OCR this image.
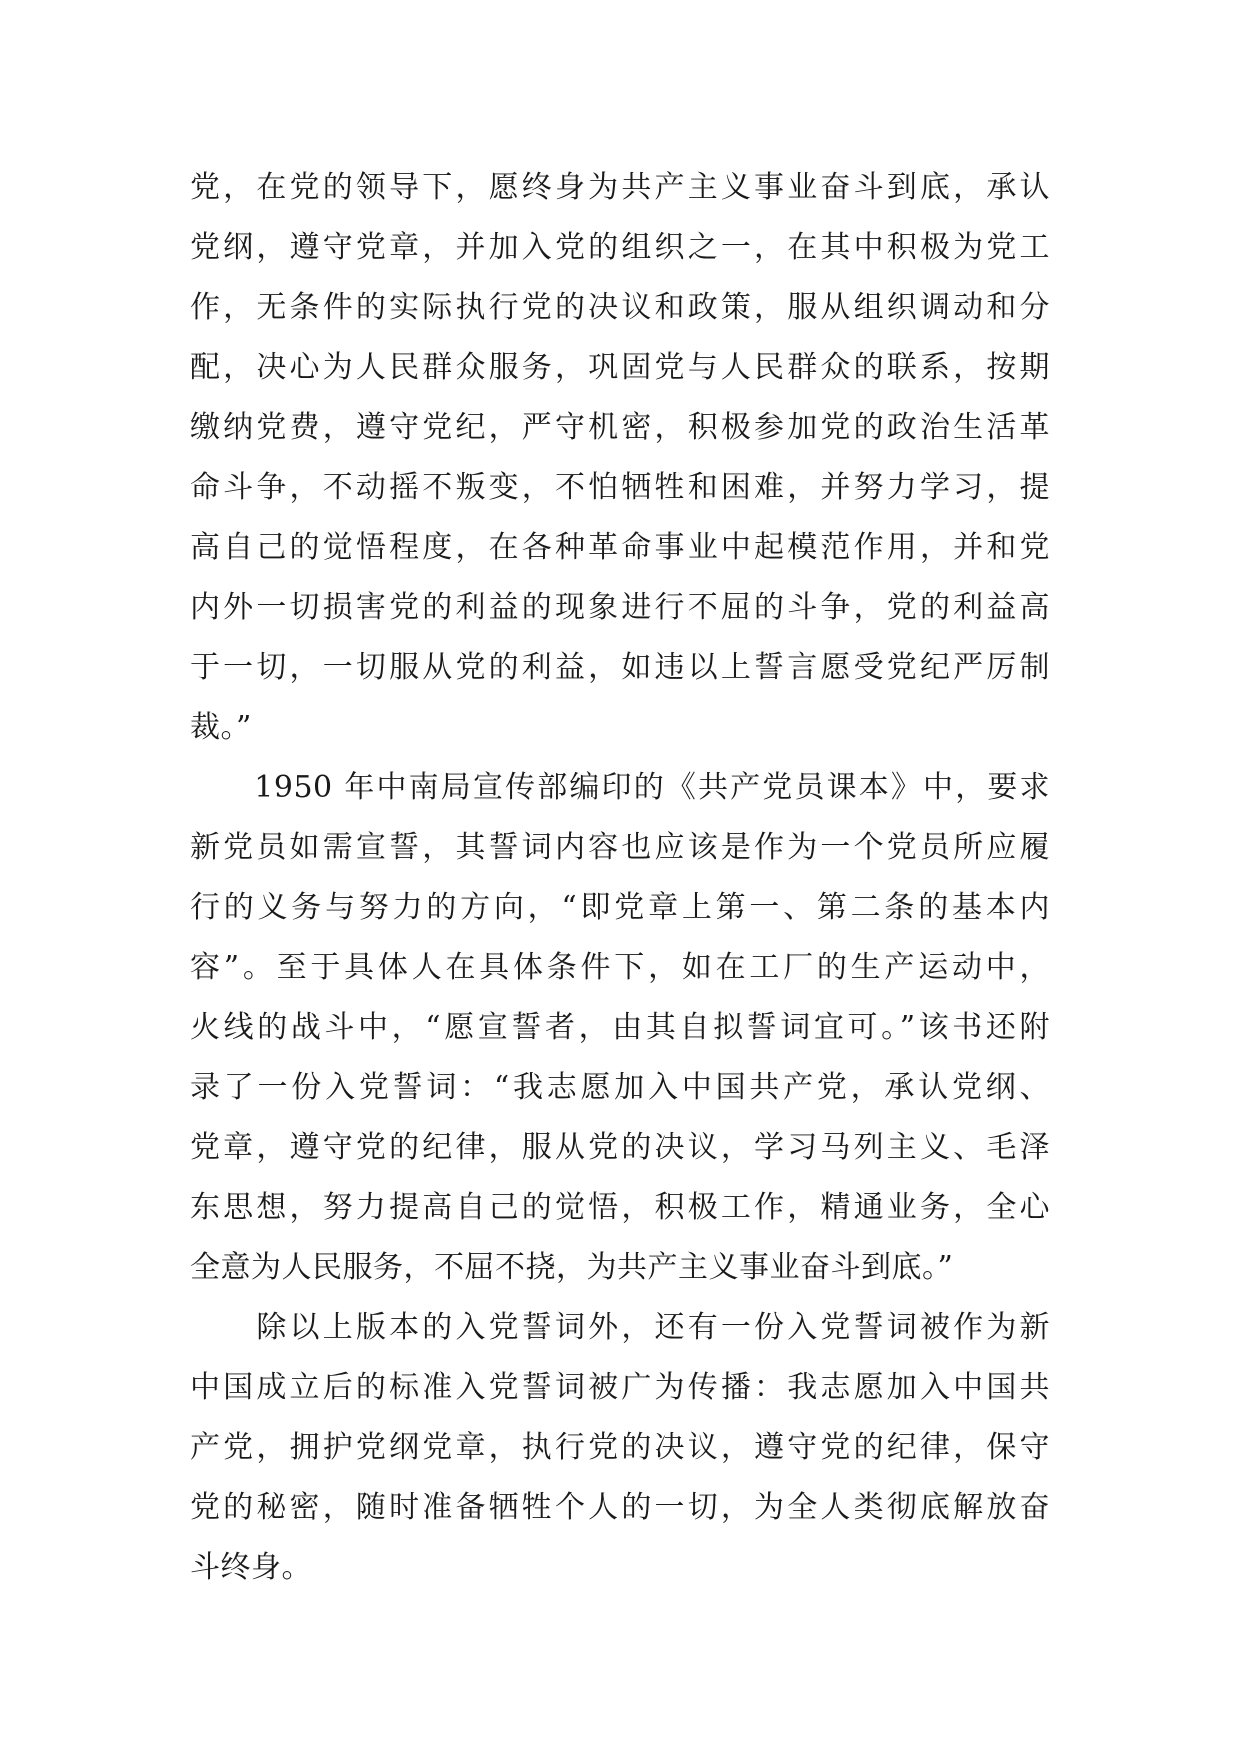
党，在党的领导下，愿终身为共产主义事业奋斗到底，承认
党纲，遵守党章，并加入党的组织之一，在其中积极为党工
作，无条件的实际执行党的决议和政策，服从组织调动和分
配，决心为人民群众服务，巩固党与人民群众的联系，按期
缴纳党费，遵守党纪，严守机密，积极参加党的政治生活革
命斗争，不动摇不叛变，不怕牺牲和困难，并努力学习，提
高自己的觉悟程度，在各种革命事业中起模范作用，并和党
内外一切损害党的利益的现象进行不屈的斗争，党的利益高
于一切，一切服从党的利益，如违以上誓言愿受党纪严厉制
裁。”
　　1950 年中南局宣传部编印的《共产党员课本》中，要求
新党员如需宣誓，其誓词内容也应该是作为一个党员所应履
行的义务与努力的方向，“即党章上第一、第二条的基本内
容”。至于具体人在具体条件下，如在工厂的生产运动中，
火线的战斗中，“愿宣誓者，由其自拟誓词宜可。”该书还附
录了一份入党誓词：“我志愿加入中国共产党，承认党纲、
党章，遵守党的纪律，服从党的决议，学习马列主义、毛泽
东思想，努力提高自己的觉悟，积极工作，精通业务，全心
全意为人民服务，不屈不挠，为共产主义事业奋斗到底。”
　　除以上版本的入党誓词外，还有一份入党誓词被作为新
中国成立后的标准入党誓词被广为传播：我志愿加入中国共
产党，拥护党纲党章，执行党的决议，遵守党的纪律，保守
党的秘密，随时准备牺牲个人的一切，为全人类彻底解放奋
斗终身。
